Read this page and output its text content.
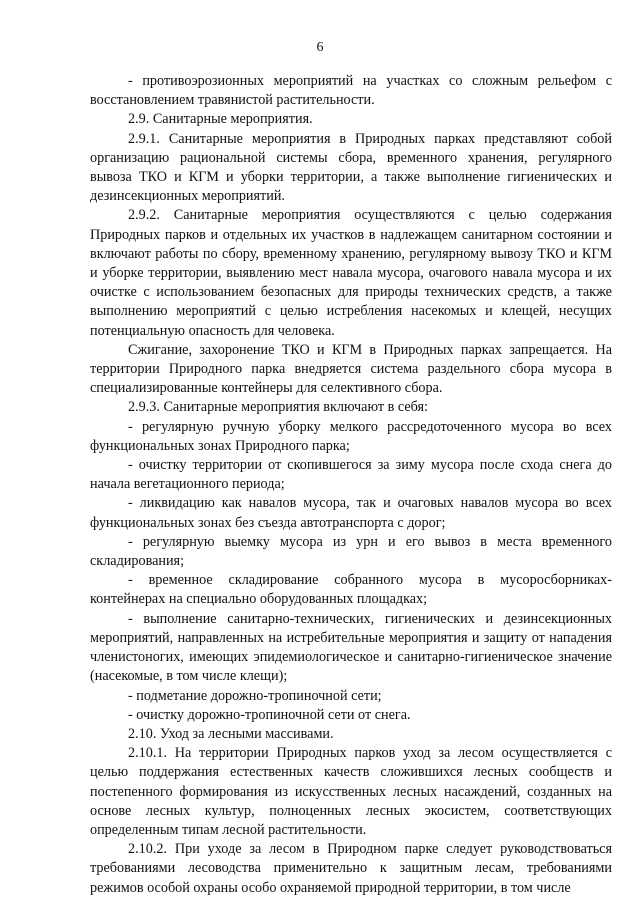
6

- противоэрозионных мероприятий на участках со сложным рельефом с восстановлением травянистой растительности.

2.9. Санитарные мероприятия.

2.9.1. Санитарные мероприятия в Природных парках представляют собой организацию рациональной системы сбора, временного хранения, регулярного вывоза ТКО и КГМ и уборки территории, а также выполнение гигиенических и дезинсекционных мероприятий.

2.9.2. Санитарные мероприятия осуществляются с целью содержания Природных парков и отдельных их участков в надлежащем санитарном состоянии и включают работы по сбору, временному хранению, регулярному вывозу ТКО и КГМ и уборке территории, выявлению мест навала мусора, очагового навала мусора и их очистке с использованием безопасных для природы технических средств, а также выполнению мероприятий с целью истребления насекомых и клещей, несущих потенциальную опасность для человека.

Сжигание, захоронение ТКО и КГМ в Природных парках запрещается. На территории Природного парка внедряется система раздельного сбора мусора в специализированные контейнеры для селективного сбора.

2.9.3. Санитарные мероприятия включают в себя:

- регулярную ручную уборку мелкого рассредоточенного мусора во всех функциональных зонах Природного парка;

- очистку территории от скопившегося за зиму мусора после схода снега до начала вегетационного периода;

- ликвидацию как навалов мусора, так и очаговых навалов мусора во всех функциональных зонах без съезда автотранспорта с дорог;

- регулярную выемку мусора из урн и его вывоз в места временного складирования;

- временное складирование собранного мусора в мусоросборниках-контейнерах на специально оборудованных площадках;

- выполнение санитарно-технических, гигиенических и дезинсекционных мероприятий, направленных на истребительные мероприятия и защиту от нападения членистоногих, имеющих эпидемиологическое и санитарно-гигиеническое значение (насекомые, в том числе клещи);

- подметание дорожно-тропиночной сети;

- очистку дорожно-тропиночной сети от снега.

2.10. Уход за лесными массивами.

2.10.1. На территории Природных парков уход за лесом осуществляется с целью поддержания естественных качеств сложившихся лесных сообществ и постепенного формирования из искусственных лесных насаждений, созданных на основе лесных культур, полноценных лесных экосистем, соответствующих определенным типам лесной растительности.

2.10.2. При уходе за лесом в Природном парке следует руководствоваться требованиями лесоводства применительно к защитным лесам, требованиями режимов особой охраны особо охраняемой природной территории, в том числе
